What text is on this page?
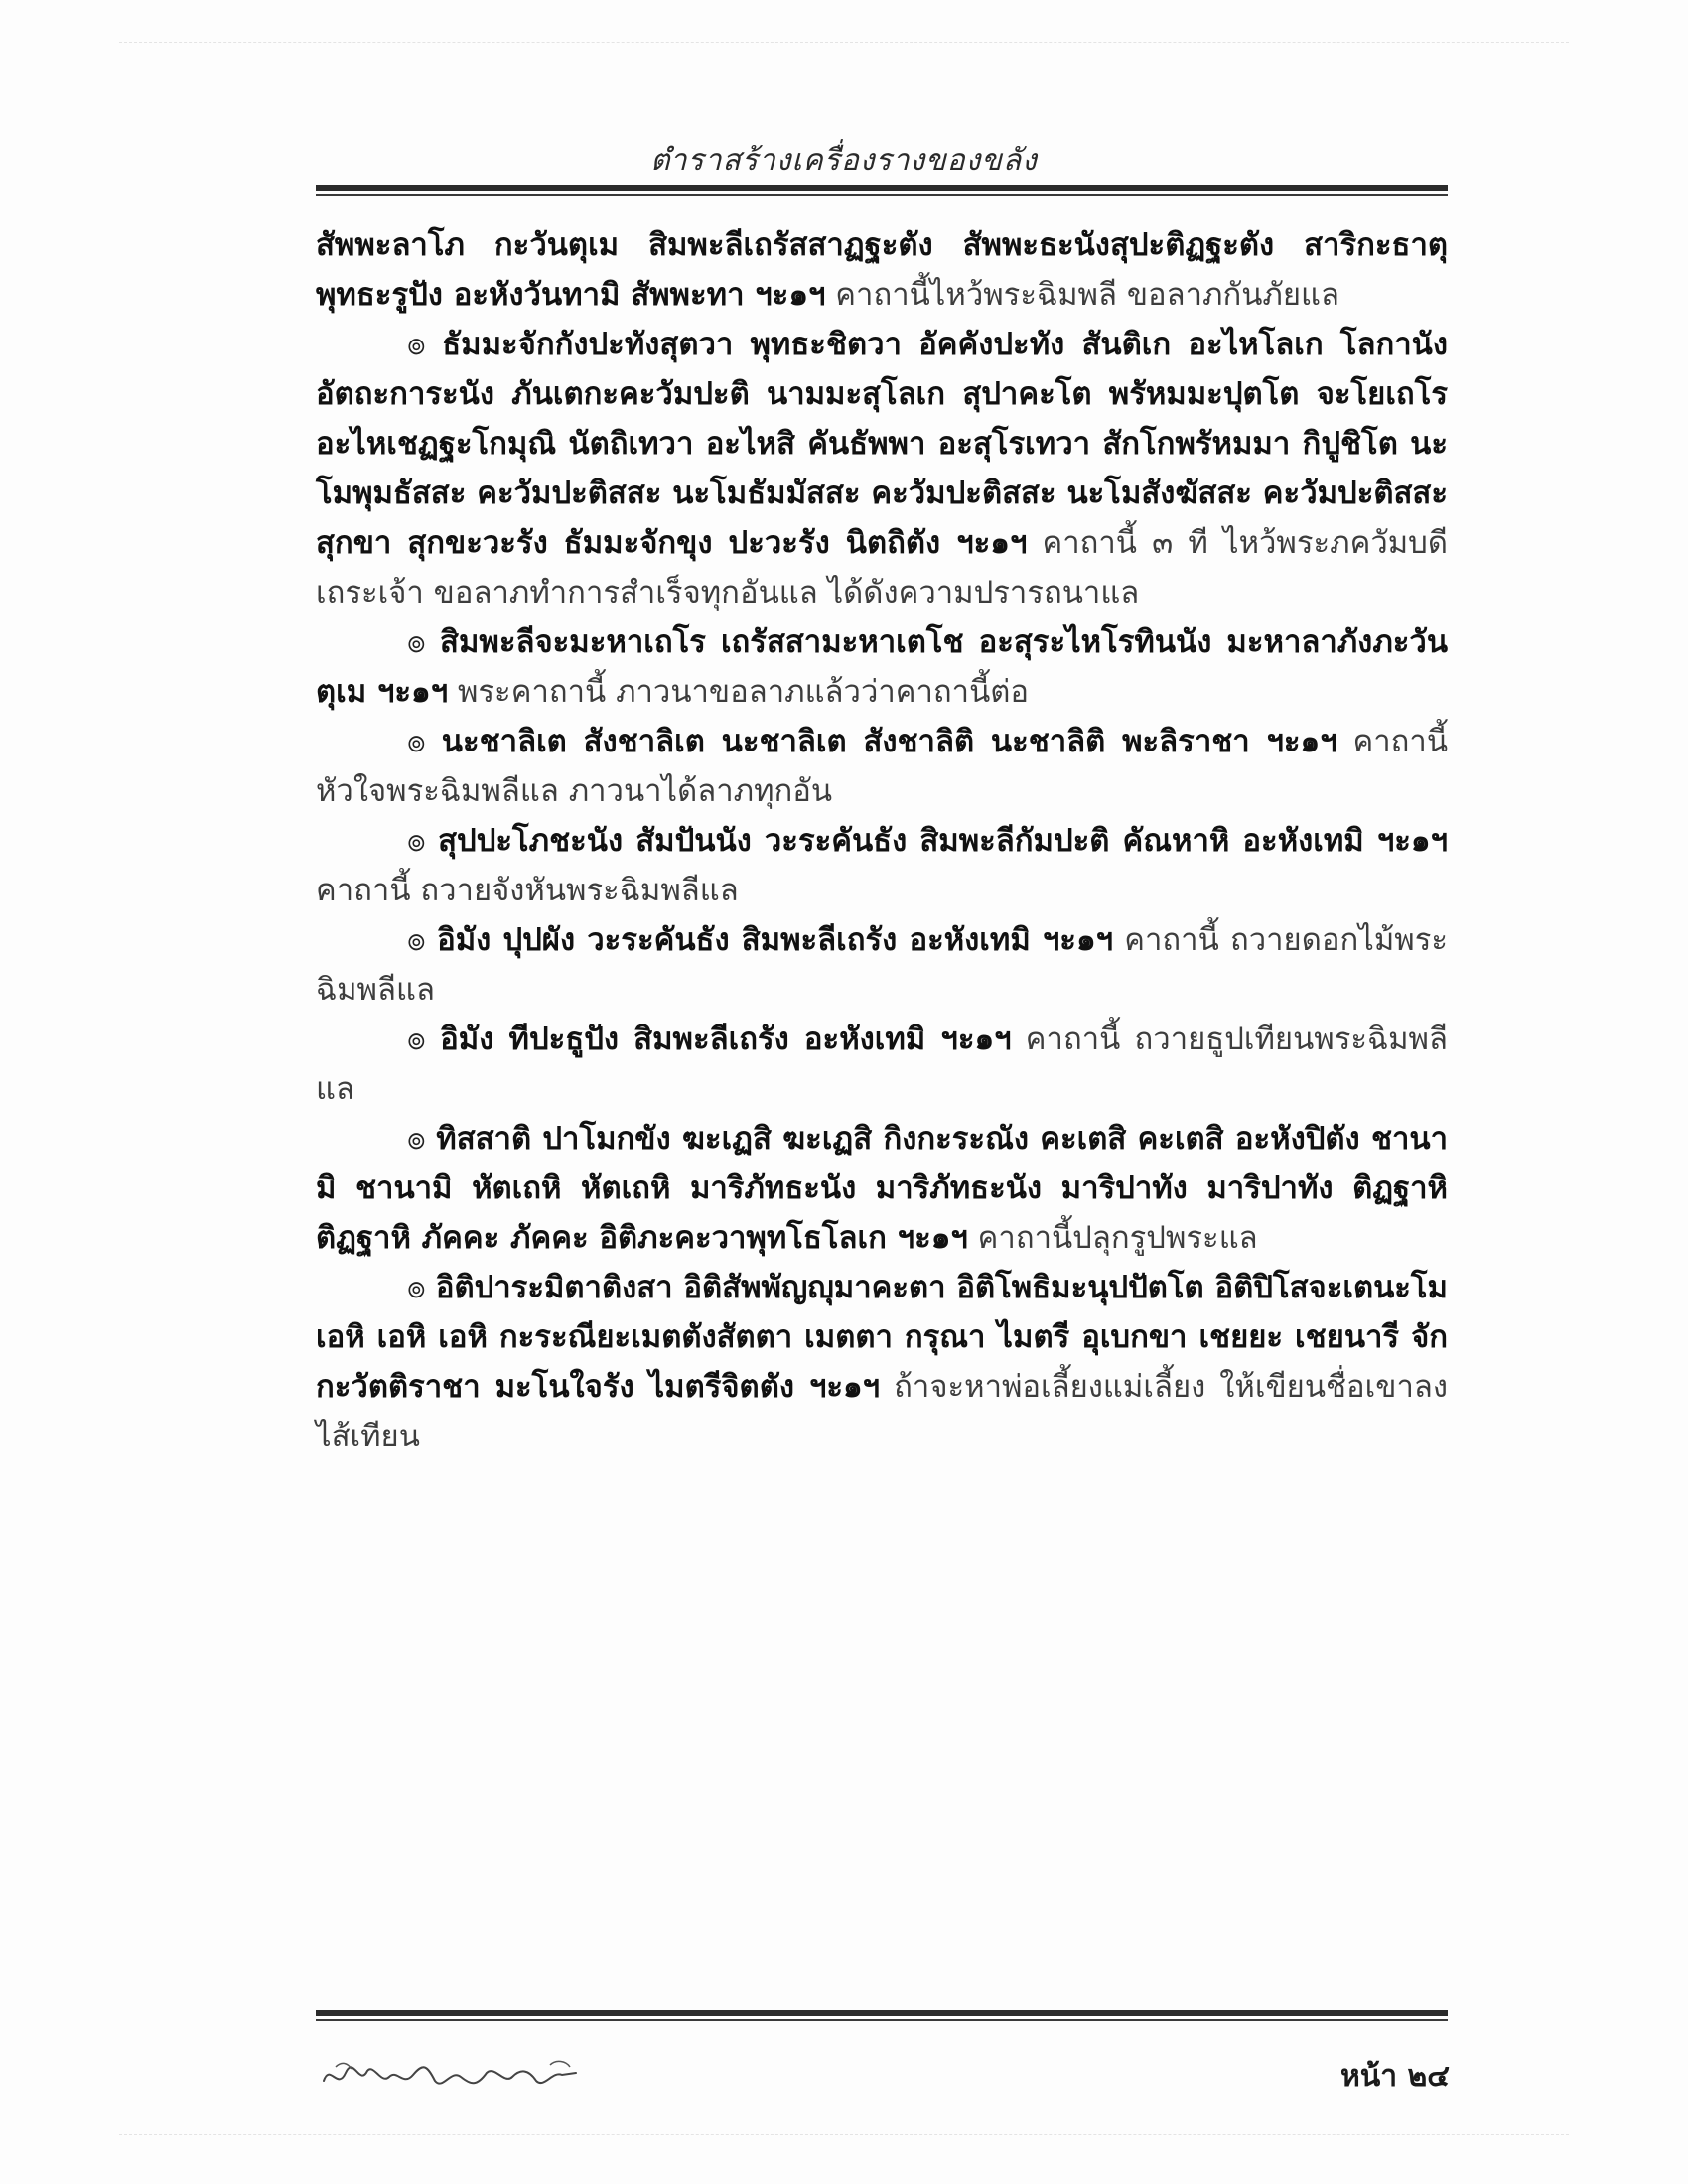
ตำราสร้างเครื่องรางของขลัง

สัพพะลาโภ กะวันตุเม สิมพะลีเถรัสสาฏฐะตัง สัพพะธะนังสุปะติฏฐะตัง สาริกะธาตุ พุทธะรูปัง อะหังวันทามิ สัพพะทา ฯะ๑ฯ คาถานี้ไหว้พระฉิมพลี ขอลาภกันภัยแล

๏ ธัมมะจักกังปะทังสุตวา พุทธะชิตวา อัคคังปะทัง สันติเก อะไหโลเก โลกานังอัตถะการะนัง ภันเตกะคะวัมปะติ นามมะสุโลเก สุปาคะโต พรัหมมะปุตโต จะโยเถโร อะไหเชฏฐะโกมุณิ นัตถิเทวา อะไหสิ คันธัพพา อะสุโรเทวา สักโกพรัหมมา กิปูชิโต นะโมพุมธัสสะ คะวัมปะติสสะ นะโมธัมมัสสะ คะวัมปะติสสะ นะโมสังฆัสสะ คะวัมปะติสสะ สุกขา สุกขะวะรัง ธัมมะจักขุง ปะวะรัง นิตถิตัง ฯะ๑ฯ คาถานี้ ๓ ที ไหว้พระภควัมบดีเถระเจ้า ขอลาภทำการสำเร็จทุกอันแล ได้ดังความปรารถนาแล

๏ สิมพะลีจะมะหาเถโร เถรัสสามะหาเตโช อะสุระไหโรทินนัง มะหาลาภังภะวันตุเม ฯะ๑ฯ พระคาถานี้ ภาวนาขอลาภแล้วว่าคาถานี้ต่อ

๏ นะชาลิเต สังชาลิเต นะชาลิเต สังชาลิติ นะชาลิติ พะลิราชา ฯะ๑ฯ คาถานี้หัวใจพระฉิมพลีแล ภาวนาได้ลาภทุกอัน

๏ สุปปะโภชะนัง สัมปันนัง วะระคันธัง สิมพะลีกัมปะติ คัณหาหิ อะหังเทมิ ฯะ๑ฯ คาถานี้ ถวายจังหันพระฉิมพลีแล

๏ อิมัง ปุปผัง วะระคันธัง สิมพะลีเถรัง อะหังเทมิ ฯะ๑ฯ คาถานี้ ถวายดอกไม้พระฉิมพลีแล

๏ อิมัง ทีปะธูปัง สิมพะลีเถรัง อะหังเทมิ ฯะ๑ฯ คาถานี้ ถวายธูปเทียนพระฉิมพลีแล

๏ ทิสสาติ ปาโมกขัง ฆะเฏสิ ฆะเฏสิ กิงกะระณัง คะเตสิ คะเตสิ อะหังปิตัง ชานามิ ชานามิ หัตเถหิ หัตเถหิ มาริภัทธะนัง มาริภัทธะนัง มาริปาทัง มาริปาทัง ติฏฐาหิ ติฏฐาหิ ภัคคะ ภัคคะ อิติภะคะวาพุทโธโลเก ฯะ๑ฯ คาถานี้ปลุกรูปพระแล

๏ อิติปาระมิตาติงสา อิติสัพพัญญุมาคะตา อิติโพธิมะนุปปัตโต อิติปิโสจะเตนะโมเอหิ เอหิ เอหิ กะระณียะเมตตังสัตตา เมตตา กรุณา ไมตรี อุเบกขา เชยยะ เชยนารี จักกะวัตติราชา มะโนใจรัง ไมตรีจิตตัง ฯะ๑ฯ ถ้าจะหาพ่อเลี้ยงแม่เลี้ยง ให้เขียนชื่อเขาลงไส้เทียน

หน้า ๒๔
